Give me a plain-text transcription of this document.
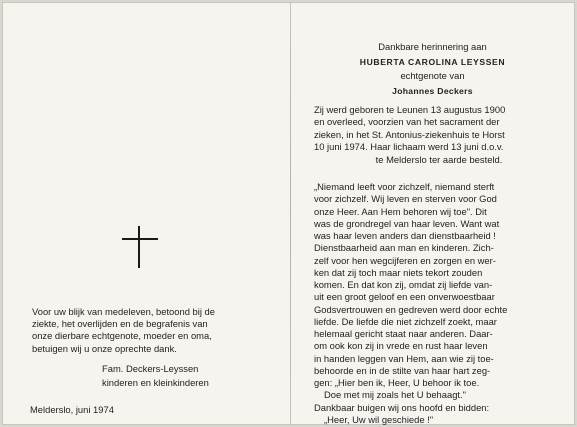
Voor uw blijk van medeleven, betoond bij de

ziekte, het overlijden en de begrafenis van

onze dierbare echtgenote, moeder en oma,

betuigen wij u onze oprechte dank.

Fam. Deckers-Leyssen

kinderen en kleinkinderen

Melderslo, juni 1974

Dankbare herinnering aan

HUBERTA CAROLINA LEYSSEN

echtgenote van

Johannes Deckers

Zij werd geboren te Leunen 13 augustus 1900

en overleed, voorzien van het sacrament der

zieken, in het St. Antonius-ziekenhuis te Horst

10 juni 1974. Haar lichaam werd 13 juni d.o.v.

te Melderslo ter aarde besteld.

„Niemand leeft voor zichzelf, niemand sterft

voor zichzelf. Wij leven en sterven voor God

onze Heer. Aan Hem behoren wij toe". Dit

was de grondregel van haar leven. Want wat

was haar leven anders dan dienstbaarheid !

Dienstbaarheid aan man en kinderen. Zich-

zelf voor hen wegcijferen en zorgen en wer-

ken dat zij toch maar niets tekort zouden

komen. En dat kon zij, omdat zij liefde van-

uit een groot geloof en een onverwoestbaar

Godsvertrouwen en gedreven werd door echte

liefde. De liefde die niet zichzelf zoekt, maar

helemaal gericht staat naar anderen. Daar-

om ook kon zij in vrede en rust haar leven

in handen leggen van Hem, aan wie zij toe-

behoorde en in de stilte van haar hart zeg-

gen: „Hier ben ik, Heer, U behoor ik toe.

Doe met mij zoals het U behaagt."

Dankbaar buigen wij ons hoofd en bidden:

„Heer, Uw wil geschiede !"
